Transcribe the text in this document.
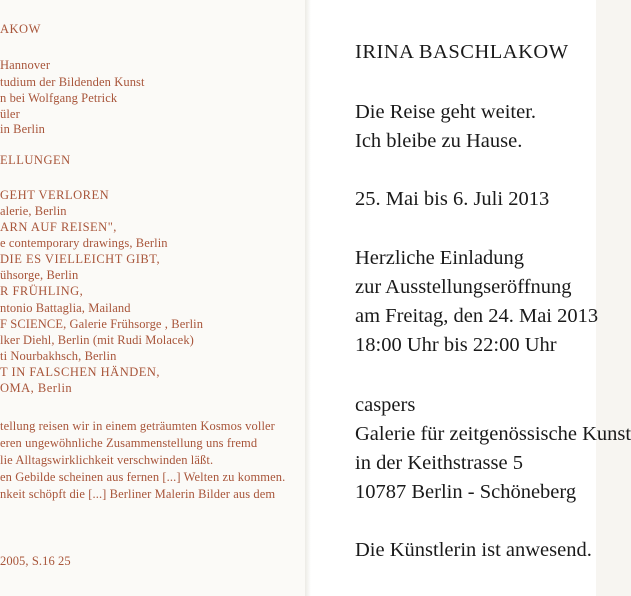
AKOW

Hannover

tudium der Bildenden Kunst

n bei Wolfgang Petrick

üler

in Berlin

ELLUNGEN

GEHT VERLOREN

alerie, Berlin

ARN AUF REISEN",

e contemporary drawings, Berlin

DIE ES VIELLEICHT GIBT,

ühsorge, Berlin

R FRÜHLING,

ntonio Battaglia, Mailand

F SCIENCE, Galerie Frühsorge , Berlin

lker Diehl, Berlin (mit Rudi Molacek)

ti Nourbakhsch, Berlin

T IN FALSCHEN HÄNDEN,

OMA, Berlin

tellung reisen wir in einem geträumten Kosmos voller

eren ungewöhnliche Zusammenstellung uns fremd

lie Alltagswirklichkeit verschwinden läßt.

en Gebilde scheinen aus fernen [...] Welten zu kommen.

nkeit schöpft die [...] Berliner Malerin Bilder aus dem

2005, S.16 25

IRINA BASCHLAKOW

Die Reise geht weiter.

Ich bleibe zu Hause.

25. Mai bis 6. Juli 2013

Herzliche Einladung

zur Ausstellungseröffnung

am Freitag, den 24. Mai 2013

18:00 Uhr bis 22:00 Uhr

caspers

Galerie für zeitgenössische Kunst

in der Keithstrasse 5

10787 Berlin - Schöneberg

Die Künstlerin ist anwesend.
